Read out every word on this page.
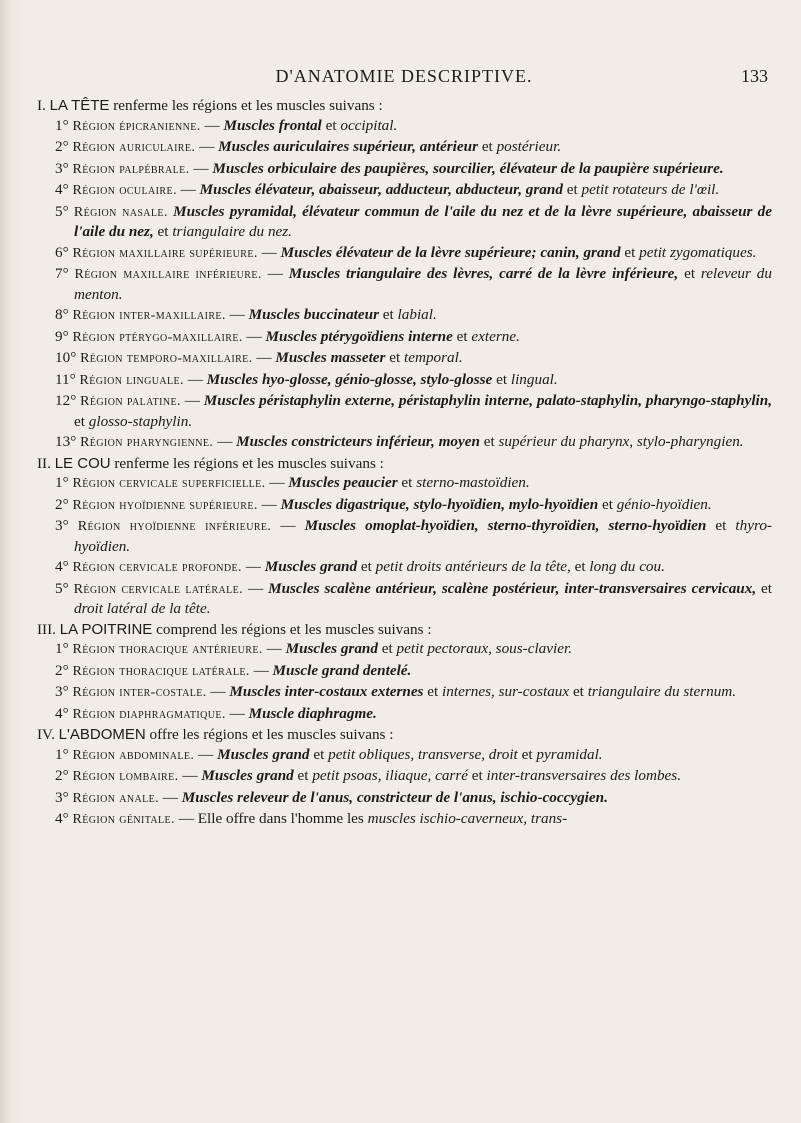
D'ANATOMIE DESCRIPTIVE.	133

I. LA TÊTE renferme les régions et les muscles suivans :

1° Région épicranienne. — Muscles frontal et occipital.

2° Région auriculaire. — Muscles auriculaires supérieur, antérieur et postérieur.

3° Région palpébrale. — Muscles orbiculaire des paupières, sourcilier, élévateur de la paupière supérieure.

4° Région oculaire. — Muscles élévateur, abaisseur, adducteur, abducteur, grand et petit rotateurs de l'œil.

5° Région nasale. Muscles pyramidal, élévateur commun de l'aile du nez et de la lèvre supérieure, abaisseur de l'aile du nez, et triangulaire du nez.

6° Région maxillaire supérieure. — Muscles élévateur de la lèvre supérieure; canin, grand et petit zygomatiques.

7° Région maxillaire inférieure. — Muscles triangulaire des lèvres, carré de la lèvre inférieure, et releveur du menton.

8° Région inter-maxillaire. — Muscles buccinateur et labial.

9° Région ptérygo-maxillaire. — Muscles ptérygoïdiens interne et externe.

10° Région temporo-maxillaire. — Muscles masseter et temporal.

11° Région linguale. — Muscles hyo-glosse, génio-glosse, stylo-glosse et lingual.

12° Région palatine. — Muscles péristaphylin externe, péristaphylin interne, palato-staphylin, pharyngo-staphylin, et glosso-staphylin.

13° Région pharyngienne. — Muscles constricteurs inférieur, moyen et supérieur du pharynx, stylo-pharyngien.

II. LE COU renferme les régions et les muscles suivans :

1° Région cervicale superficielle. — Muscles peaucier et sterno-mastoïdien.

2° Région hyoïdienne supérieure. — Muscles digastrique, stylo-hyoïdien, mylo-hyoïdien et génio-hyoïdien.

3° Région hyoïdienne inférieure. — Muscles omoplat-hyoïdien, sterno-thyroïdien, sterno-hyoïdien et thyro-hyoïdien.

4° Région cervicale profonde. — Muscles grand et petit droits antérieurs de la tête, et long du cou.

5° Région cervicale latérale. — Muscles scalène antérieur, scalène postérieur, inter-transversaires cervicaux, et droit latéral de la tête.

III. LA POITRINE comprend les régions et les muscles suivans :

1° Région thoracique antérieure. — Muscles grand et petit pectoraux, sous-clavier.

2° Région thoracique latérale. — Muscle grand dentelé.

3° Région inter-costale. — Muscles inter-costaux externes et internes, sur-costaux et triangulaire du sternum.

4° Région diaphragmatique. — Muscle diaphragme.

IV. L'ABDOMEN offre les régions et les muscles suivans :

1° Région abdominale. — Muscles grand et petit obliques, transverse, droit et pyramidal.

2° Région lombaire. — Muscles grand et petit psoas, iliaque, carré et inter-transversaires des lombes.

3° Région anale. — Muscles releveur de l'anus, constricteur de l'anus, ischio-coccygien.

4° Région génitale. — Elle offre dans l'homme les muscles ischio-caverneux, trans-
